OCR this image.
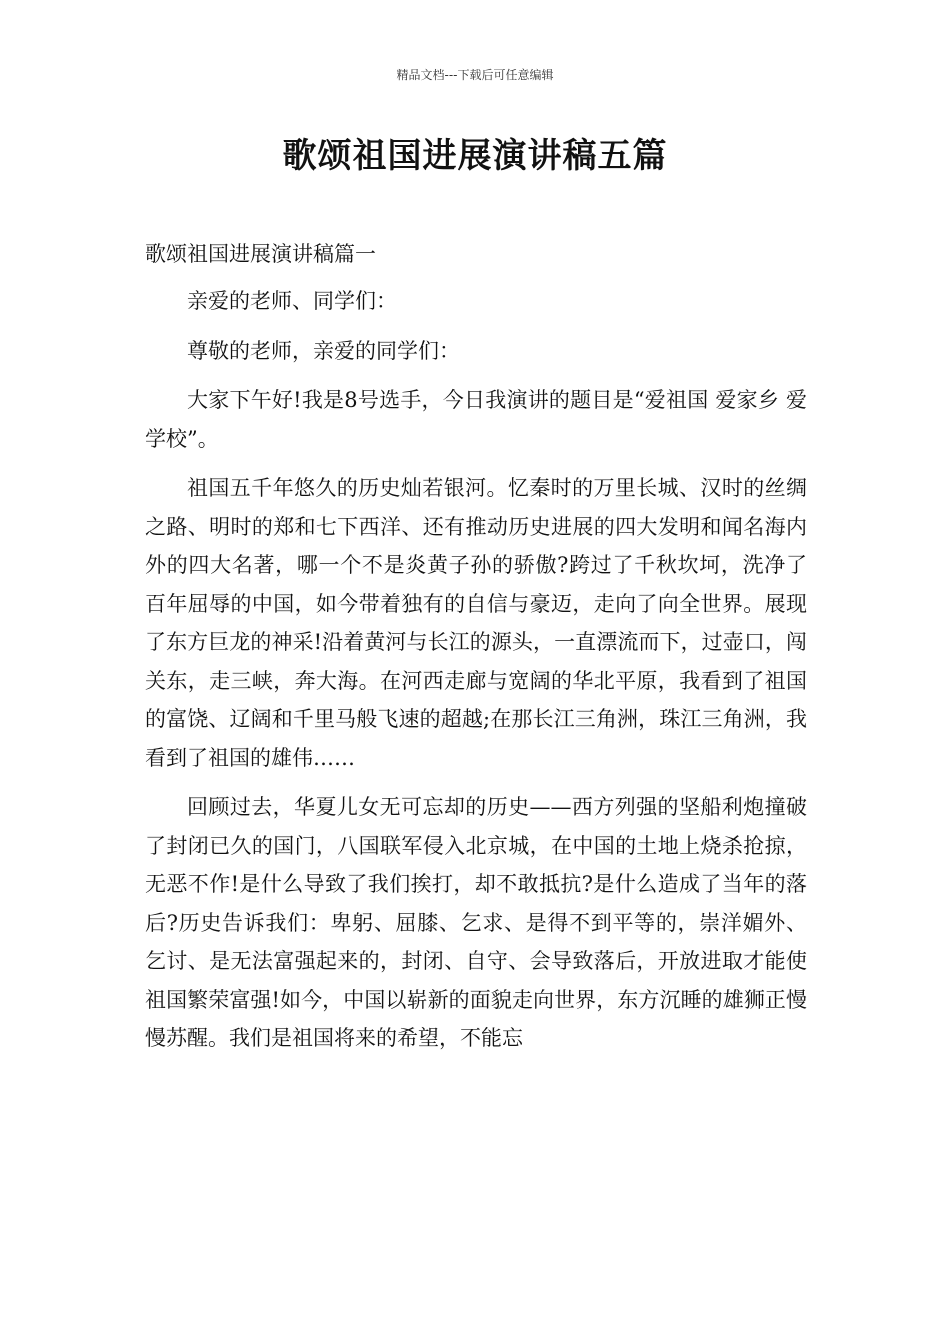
精品文档---下载后可任意编辑
歌颂祖国进展演讲稿五篇
歌颂祖国进展演讲稿篇一

亲爱的老师、同学们：

尊敬的老师，亲爱的同学们：

大家下午好!我是8号选手，今日我演讲的题目是“爱祖国 爱家乡 爱学校”。

祖国五千年悠久的历史灿若银河。忆秦时的万里长城、汉时的丝绸之路、明时的郑和七下西洋、还有推动历史进展的四大发明和闻名海内外的四大名著，哪一个不是炎黄子孙的骄傲?跨过了千秋坎坷，洗净了百年屈辱的中国，如今带着独有的自信与豪迈，走向了向全世界。展现了东方巨龙的神采!沿着黄河与长江的源头，一直漂流而下，过壶口，闯关东，走三峡，奔大海。在河西走廊与宽阔的华北平原，我看到了祖国的富饶、辽阔和千里马般飞速的超越;在那长江三角洲，珠江三角洲，我看到了祖国的雄伟……

回顾过去，华夏儿女无可忘却的历史——西方列强的坚船利炮撞破了封闭已久的国门，八国联军侵入北京城，在中国的土地上烧杀抢掠，无恶不作!是什么导致了我们挨打，却不敢抵抗?是什么造成了当年的落后?历史告诉我们：卑躬、屈膝、乞求、是得不到平等的，崇洋媚外、乞讨、是无法富强起来的，封闭、自守、会导致落后，开放进取才能使祖国繁荣富强!如今，中国以崭新的面貌走向世界，东方沉睡的雄狮正慢慢苏醒。我们是祖国将来的希望，不能忘
